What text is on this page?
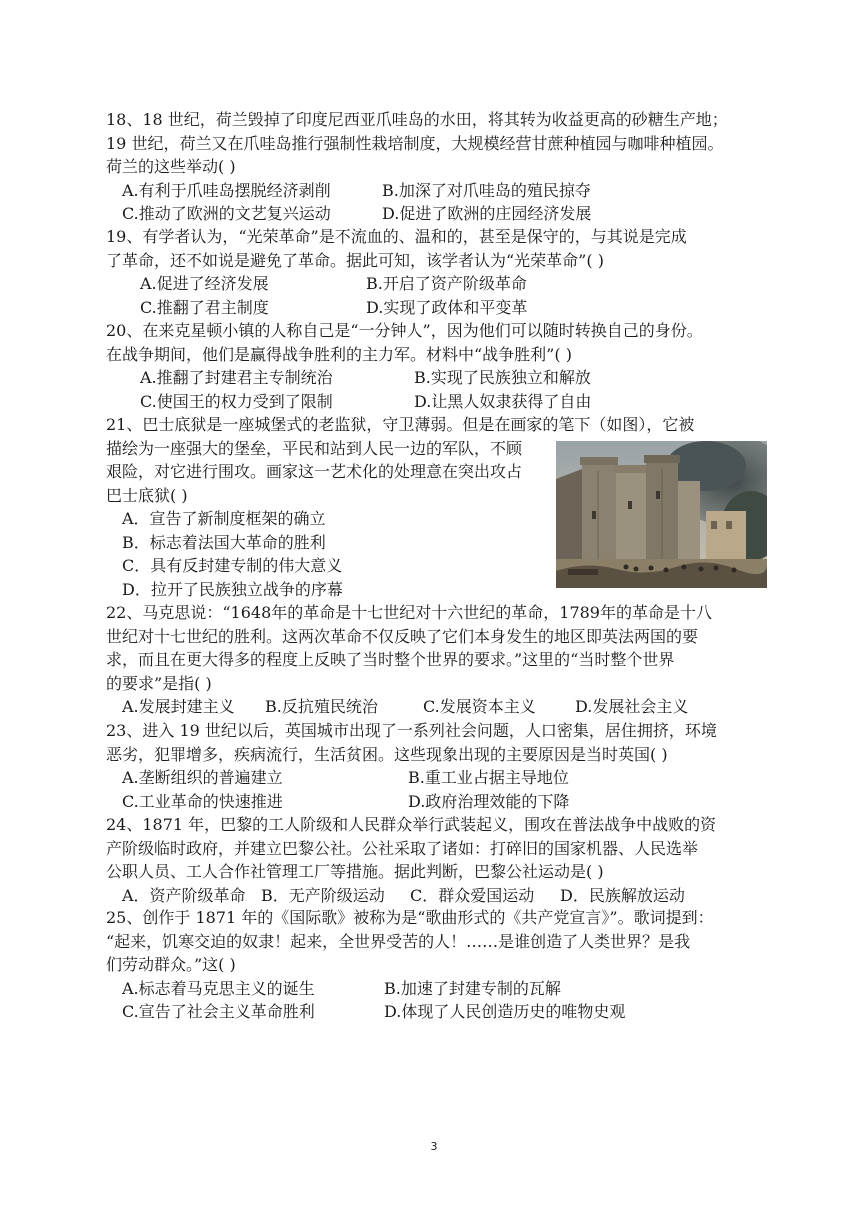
18、18 世纪，荷兰毁掉了印度尼西亚爪哇岛的水田，将其转为收益更高的砂糖生产地；
19 世纪，荷兰又在爪哇岛推行强制性栽培制度，大规模经营甘蔗种植园与咖啡种植园。
荷兰的这些举动( )
A.有利于爪哇岛摆脱经济剥削	B.加深了对爪哇岛的殖民掠夺
C.推动了欧洲的文艺复兴运动	D.促进了欧洲的庄园经济发展
19、有学者认为，“光荣革命”是不流血的、温和的，甚至是保守的，与其说是完成
了革命，还不如说是避免了革命。据此可知，该学者认为“光荣革命”( )
A.促进了经济发展	B.开启了资产阶级革命
C.推翻了君主制度	D.实现了政体和平变革
20、在来克星顿小镇的人称自己是“一分钟人”，因为他们可以随时转换自己的身份。
在战争期间，他们是赢得战争胜利的主力军。材料中“战争胜利”( )
A.推翻了封建君主专制统治	B.实现了民族独立和解放
C.使国王的权力受到了限制	D.让黑人奴隶获得了自由
21、巴士底狱是一座城堡式的老监狱，守卫薄弱。但是在画家的笔下（如图），它被
描绘为一座强大的堡垒，平民和站到人民一边的军队，不顾
艰险，对它进行围攻。画家这一艺术化的处理意在突出攻占
巴士底狱( )
A．宣告了新制度框架的确立
B．标志着法国大革命的胜利
C．具有反封建专制的伟大意义
D．拉开了民族独立战争的序幕
22、马克思说：“1648年的革命是十七世纪对十六世纪的革命，1789年的革命是十八
世纪对十七世纪的胜利。这两次革命不仅反映了它们本身发生的地区即英法两国的要
求，而且在更大得多的程度上反映了当时整个世界的要求。”这里的“当时整个世界
的要求”是指( )
A.发展封建主义	B.反抗殖民统治	C.发展资本主义	D.发展社会主义
23、进入 19 世纪以后，英国城市出现了一系列社会问题，人口密集，居住拥挤，环境
恶劣，犯罪增多，疾病流行，生活贫困。这些现象出现的主要原因是当时英国( )
A.垄断组织的普遍建立	B.重工业占据主导地位
C.工业革命的快速推进	D.政府治理效能的下降
24、1871 年，巴黎的工人阶级和人民群众举行武装起义，围攻在普法战争中战败的资
产阶级临时政府，并建立巴黎公社。公社采取了诸如：打碎旧的国家机器、人民选举
公职人员、工人合作社管理工厂等措施。据此判断，巴黎公社运动是( )
A．资产阶级革命 B．无产阶级运动	C．群众爱国运动	D．民族解放运动
25、创作于 1871 年的《国际歌》被称为是“歌曲形式的《共产党宣言》”。歌词提到：
“起来，饥寒交迫的奴隶！起来，全世界受苦的人！……是谁创造了人类世界？是我
们劳动群众。”这( )
A.标志着马克思主义的诞生	B.加速了封建专制的瓦解
C.宣告了社会主义革命胜利	D.体现了人民创造历史的唯物史观
3
